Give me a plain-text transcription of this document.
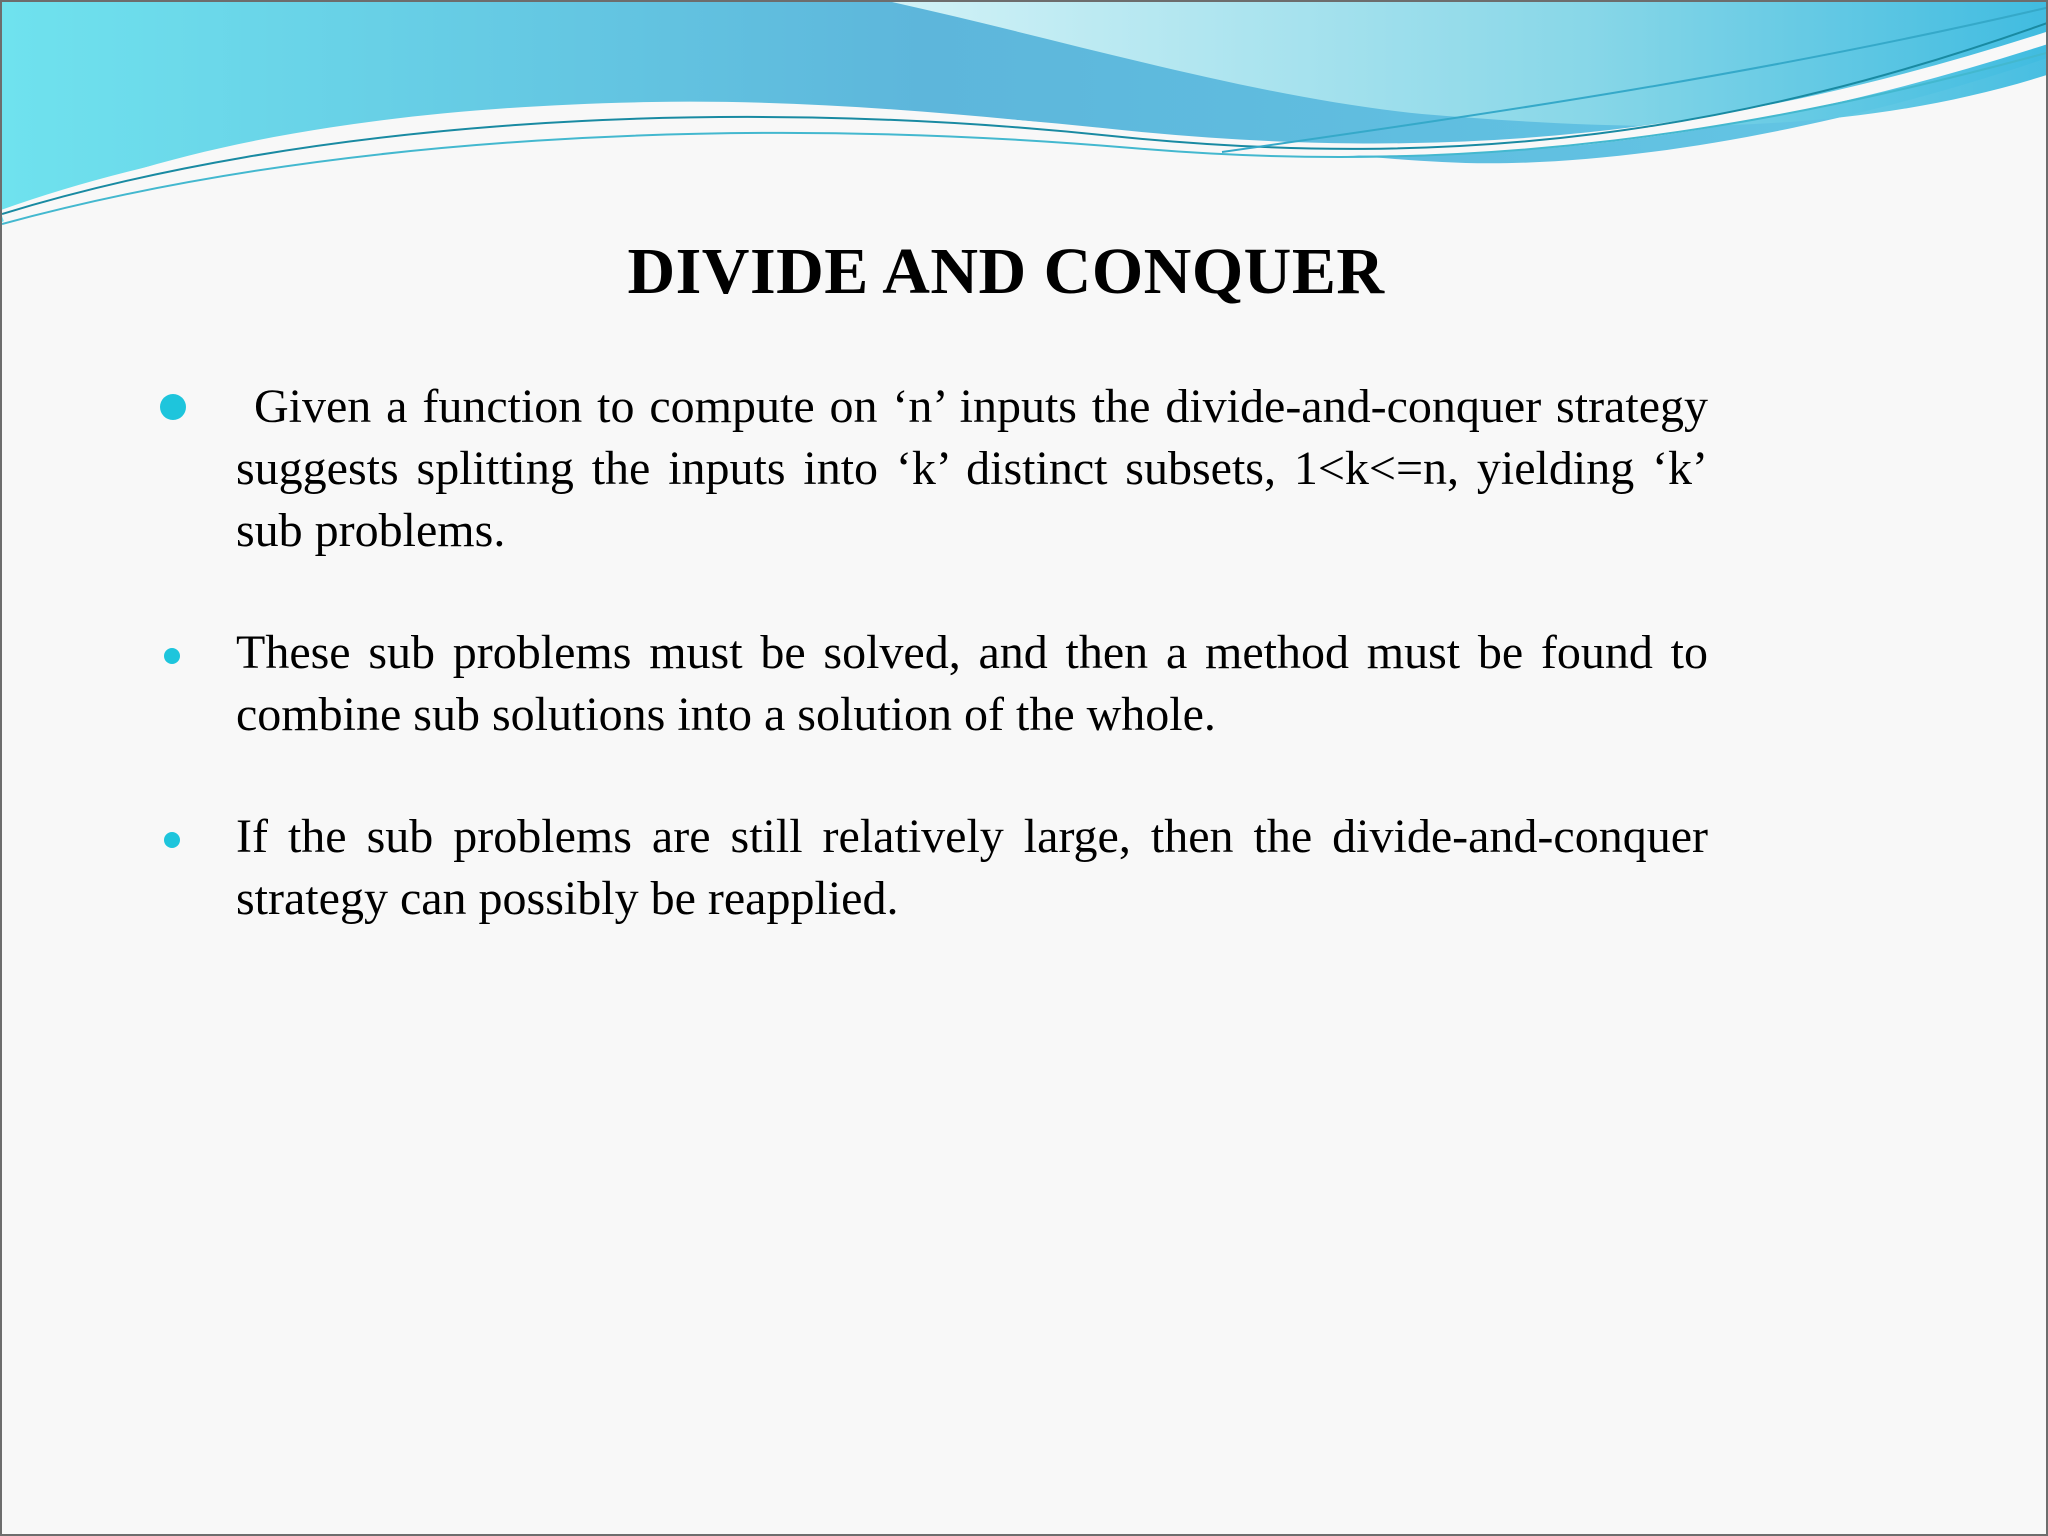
DIVIDE AND CONQUER
Given a function to compute on ‘n’ inputs the divide-and-conquer strategy suggests splitting the inputs into ‘k’ distinct subsets, 1<k<=n, yielding ‘k’ sub problems.
These sub problems must be solved, and then a method must be found to combine sub solutions into a solution of the whole.
If the sub problems are still relatively large, then the divide-and-conquer strategy can possibly be reapplied.
